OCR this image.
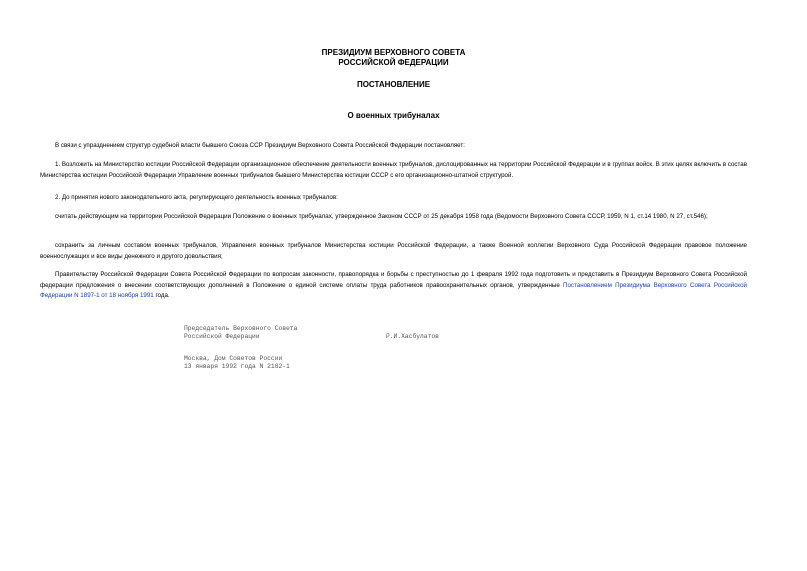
ПРЕЗИДИУМ ВЕРХОВНОГО СОВЕТА
РОССИЙСКОЙ ФЕДЕРАЦИИ
ПОСТАНОВЛЕНИЕ
О военных трибуналах
В связи с упразднением структур судебной власти бывшего Союза ССР Президиум Верховного Совета Российской Федерации постановляет:
1. Возложить на Министерство юстиции Российской Федерации организационное обеспечение деятельности военных трибуналов, дислоцированных на территории Российской Федерации и в группах войск. В этих целях включить в состав Министерства юстиции Российской Федерации Управление военных трибуналов бывшего Министерства юстиции СССР с его организационно-штатной структурой.
2. До принятия нового законодательного акта, регулирующего деятельность военных трибуналов:
считать действующим на территории Российской Федерации Положение о военных трибуналах, утвержденное Законом СССР от 25 декабря 1958 года (Ведомости Верховного Совета СССР, 1959, N 1, ст.14 1980, N 27, ст.546);
сохранить за личным составом военных трибуналов, Управления военных трибуналов Министерства юстиции Российской Федерации, а также Военной коллегии Верховного Суда Российской Федерации правовое положение военнослужащих и все виды денежного и другого довольствия;
Правительству Российской Федерации Совета Российской Федерации по вопросам законности, правопорядка и борьбы с преступностью до 1 февраля 1992 года подготовить и представить в Президиум Верховного Совета Российской федерации предложения о внесении соответствующих дополнений в Положение о единой системе оплаты труда работников правоохранительных органов, утвержденные Постановлением Президиума Верховного Совета Российской Федерации N 1897-1 от 18 ноября 1991 года.
Председатель Верховного Совета
Российской Федерации	Р.И.Хасбулатов
Москва, Дом Советов России
13 января 1992 года N 2182-1
